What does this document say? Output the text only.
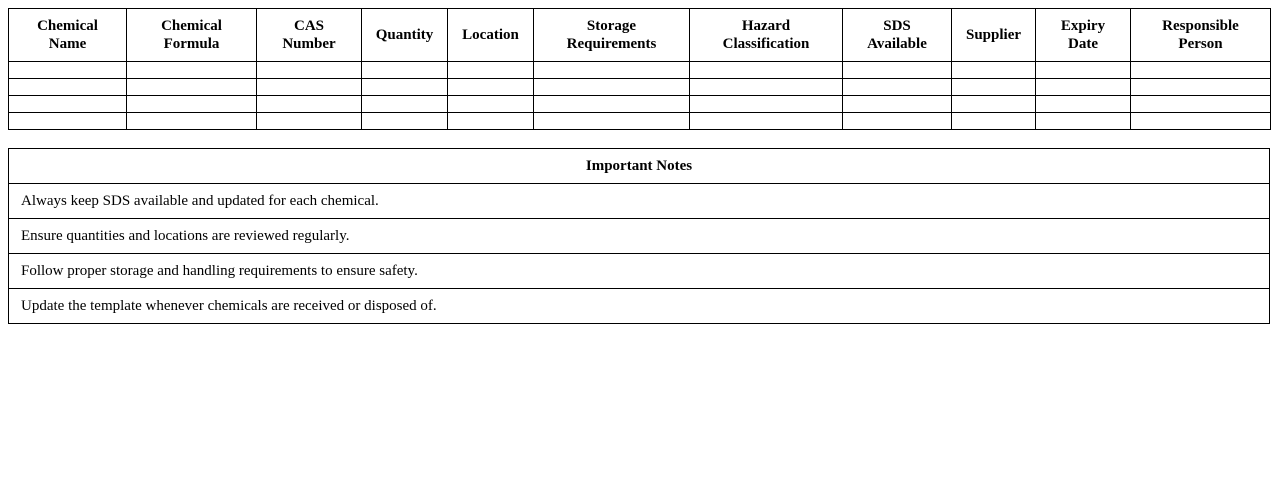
Chemical
Name	Chemical
Formula	CAS
Number	Quantity	Location	Storage
Requirements	Hazard
Classification	SDS
Available	Supplier	Expiry
Date	Responsible
Person

Important Notes
Always keep SDS available and updated for each chemical.
Ensure quantities and locations are reviewed regularly.
Follow proper storage and handling requirements to ensure safety.
Update the template whenever chemicals are received or disposed of.
